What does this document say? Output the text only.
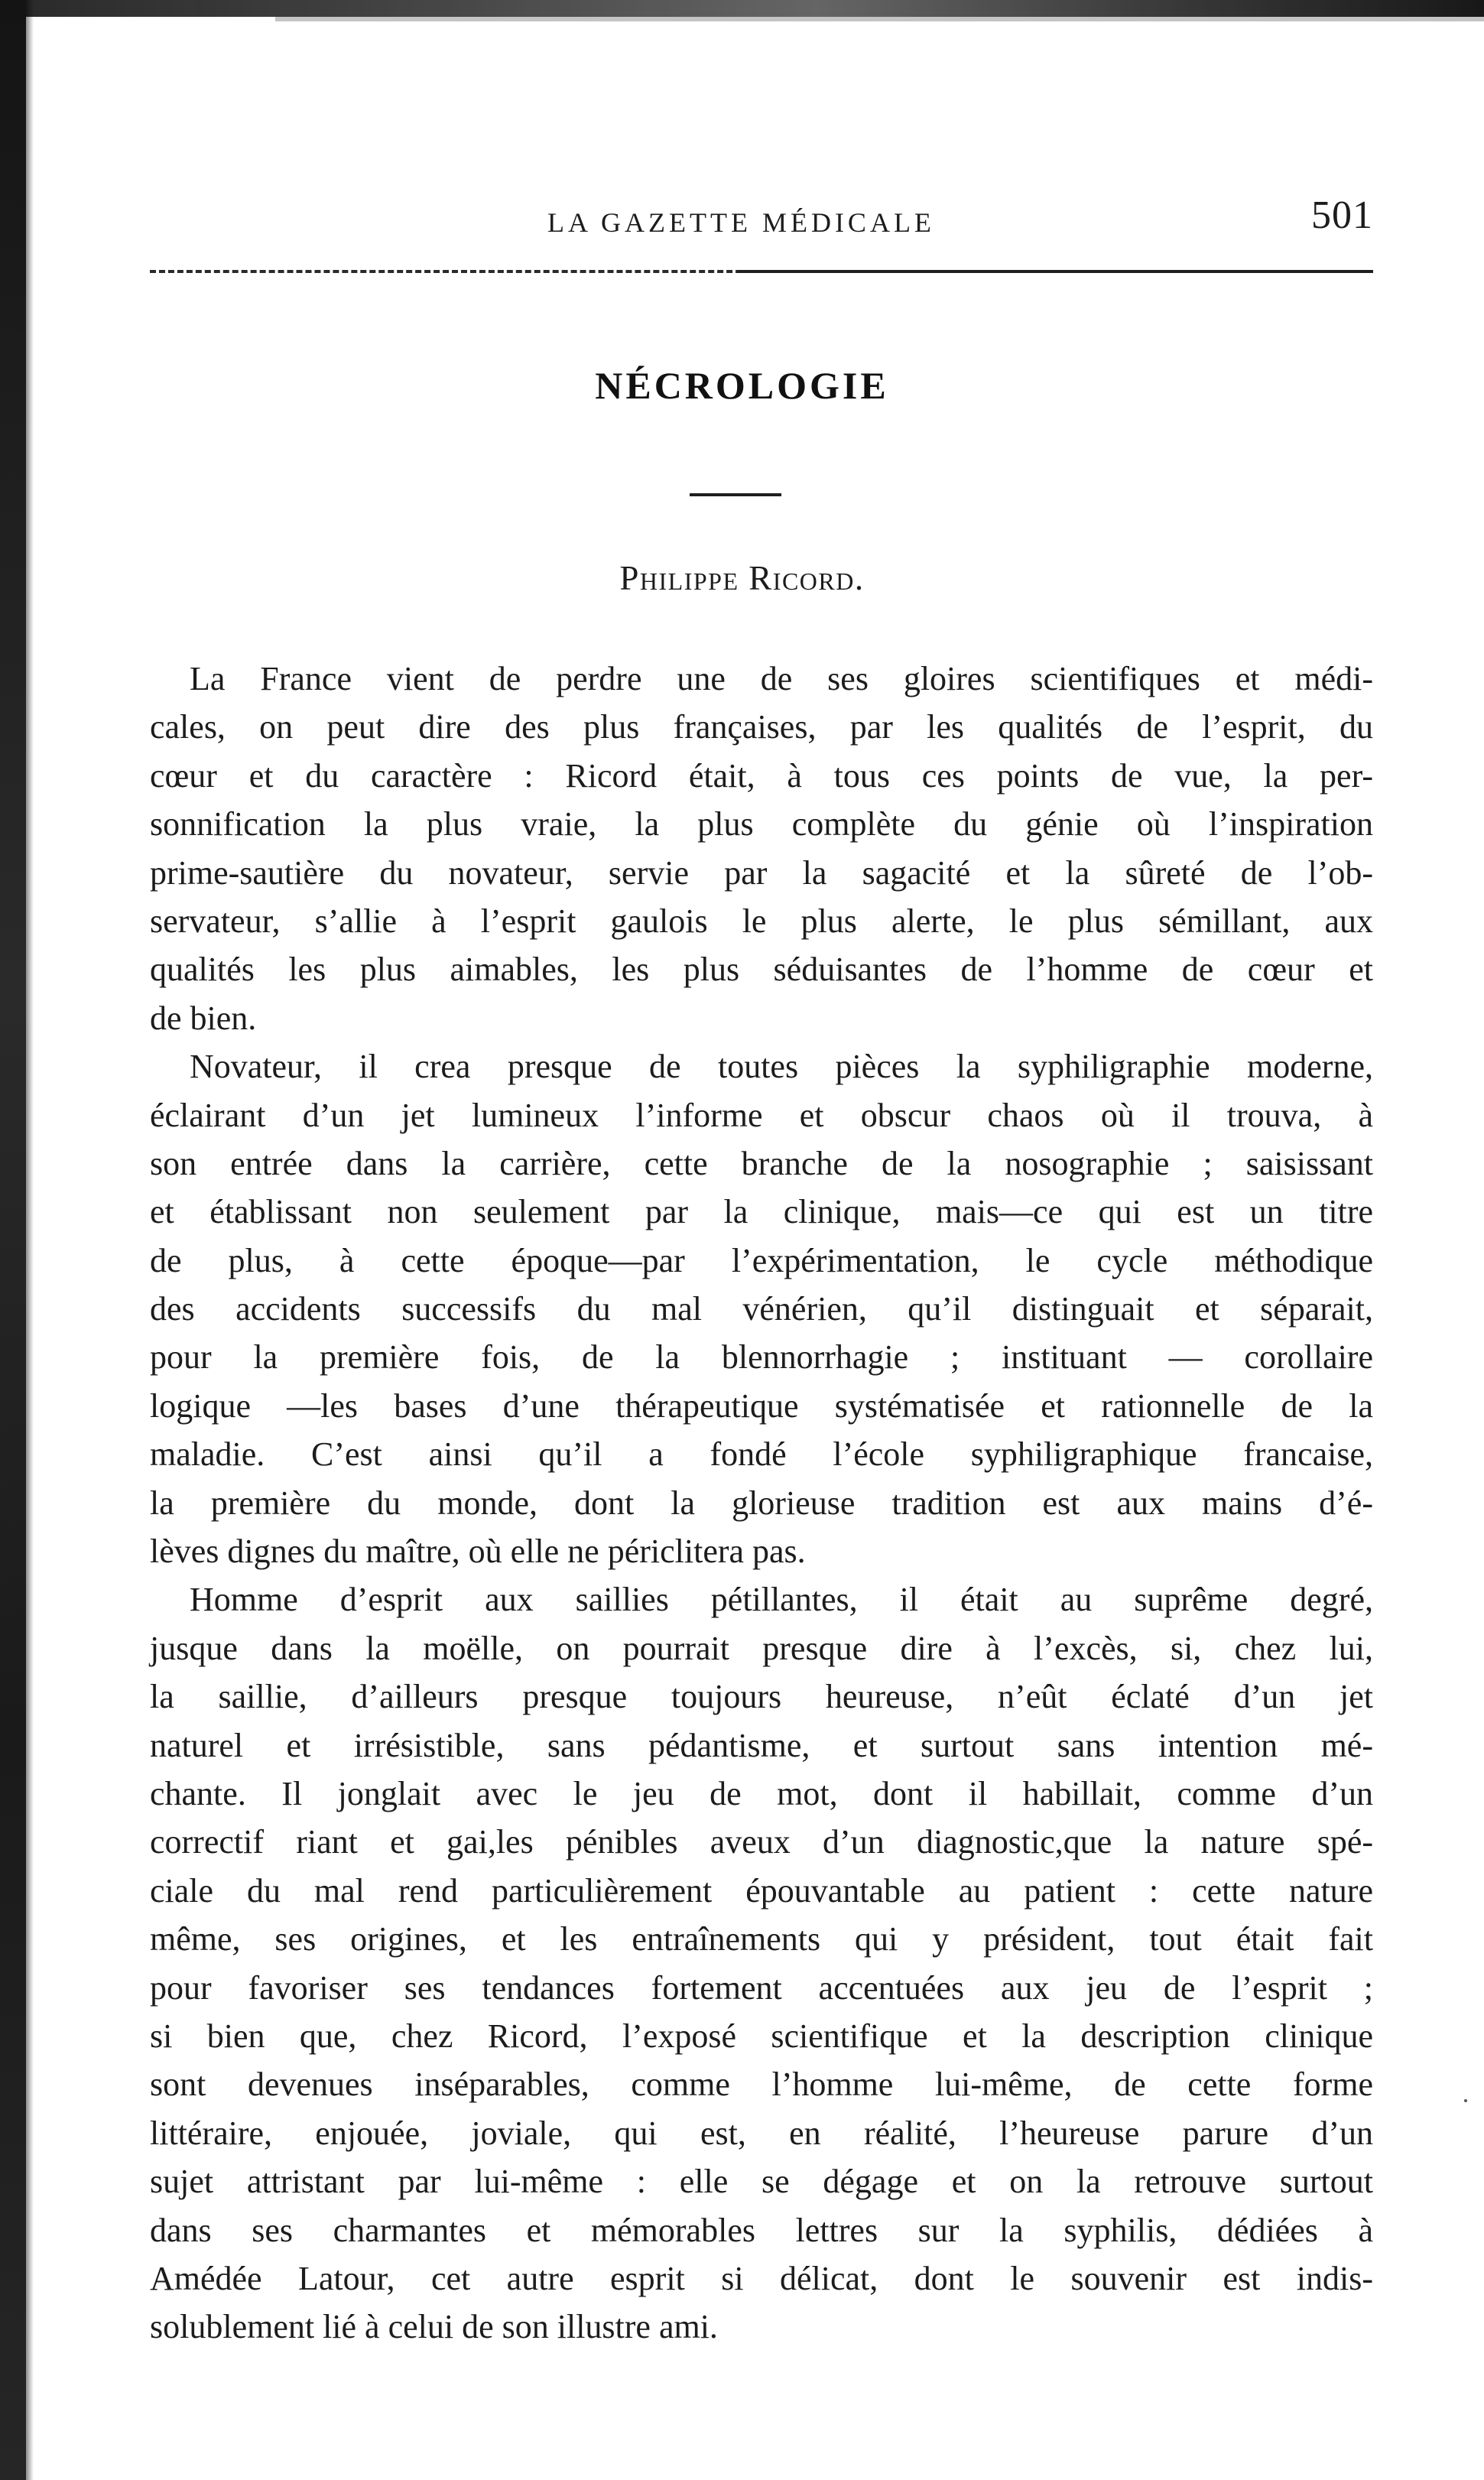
LA GAZETTE MÉDICALE	501
NÉCROLOGIE
Philippe Ricord.
La France vient de perdre une de ses gloires scientifiques et médi-
cales, on peut dire des plus françaises, par les qualités de l’esprit, du
cœur et du caractère : Ricord était, à tous ces points de vue, la per-
sonnification la plus vraie, la plus complète du génie où l’inspiration
prime-sautière du novateur, servie par la sagacité et la sûreté de l’ob-
servateur, s’allie à l’esprit gaulois le plus alerte, le plus sémillant, aux
qualités les plus aimables, les plus séduisantes de l’homme de cœur et
de bien.
Novateur, il crea presque de toutes pièces la syphiligraphie moderne,
éclairant d’un jet lumineux l’informe et obscur chaos où il trouva, à
son entrée dans la carrière, cette branche de la nosographie ; saisissant
et établissant non seulement par la clinique, mais—ce qui est un titre
de plus, à cette époque—par l’expérimentation, le cycle méthodique
des accidents successifs du mal vénérien, qu’il distinguait et séparait,
pour la première fois, de la blennorrhagie ; instituant — corollaire
logique —les bases d’une thérapeutique systématisée et rationnelle de la
maladie. C’est ainsi qu’il a fondé l’école syphiligraphique francaise,
la première du monde, dont la glorieuse tradition est aux mains d’é-
lèves dignes du maître, où elle ne périclitera pas.
Homme d’esprit aux saillies pétillantes, il était au suprême degré,
jusque dans la moëlle, on pourrait presque dire à l’excès, si, chez lui,
la saillie, d’ailleurs presque toujours heureuse, n’eût éclaté d’un jet
naturel et irrésistible, sans pédantisme, et surtout sans intention mé-
chante. Il jonglait avec le jeu de mot, dont il habillait, comme d’un
correctif riant et gai,les pénibles aveux d’un diagnostic,que la nature spé-
ciale du mal rend particulièrement épouvantable au patient : cette nature
même, ses origines, et les entraînements qui y président, tout était fait
pour favoriser ses tendances fortement accentuées aux jeu de l’esprit ;
si bien que, chez Ricord, l’exposé scientifique et la description clinique
sont devenues inséparables, comme l’homme lui-même, de cette forme
littéraire, enjouée, joviale, qui est, en réalité, l’heureuse parure d’un
sujet attristant par lui-même : elle se dégage et on la retrouve surtout
dans ses charmantes et mémorables lettres sur la syphilis, dédiées à
Amédée Latour, cet autre esprit si délicat, dont le souvenir est indis-
solublement lié à celui de son illustre ami.
